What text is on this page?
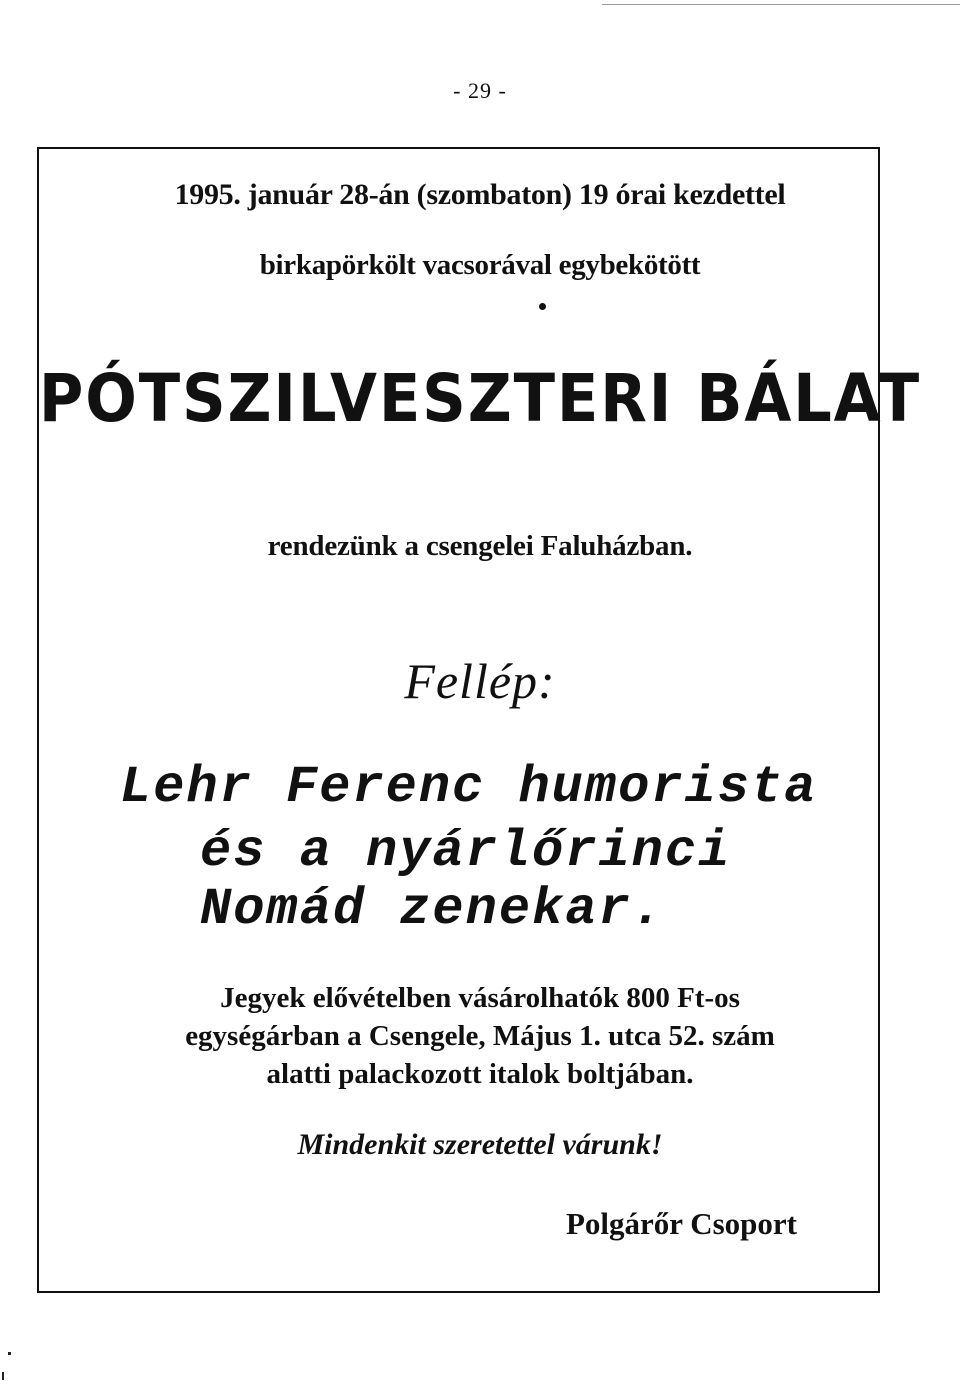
- 29 -
1995. január 28-án (szombaton) 19 órai kezdettel
birkapörkölt vacsorával egybekötött
PÓTSZILVESZTERI BÁLAT
rendezünk a csengelei Faluházban.
Fellép:
Lehr Ferenc humorista
és a nyárlőrinci
Nomád zenekar.
Jegyek elővételben vásárolhatók 800 Ft-os
egységárban a Csengele, Május 1. utca 52. szám
alatti palackozott italok boltjában.
Mindenkit szeretettel várunk!
Polgárőr Csoport
